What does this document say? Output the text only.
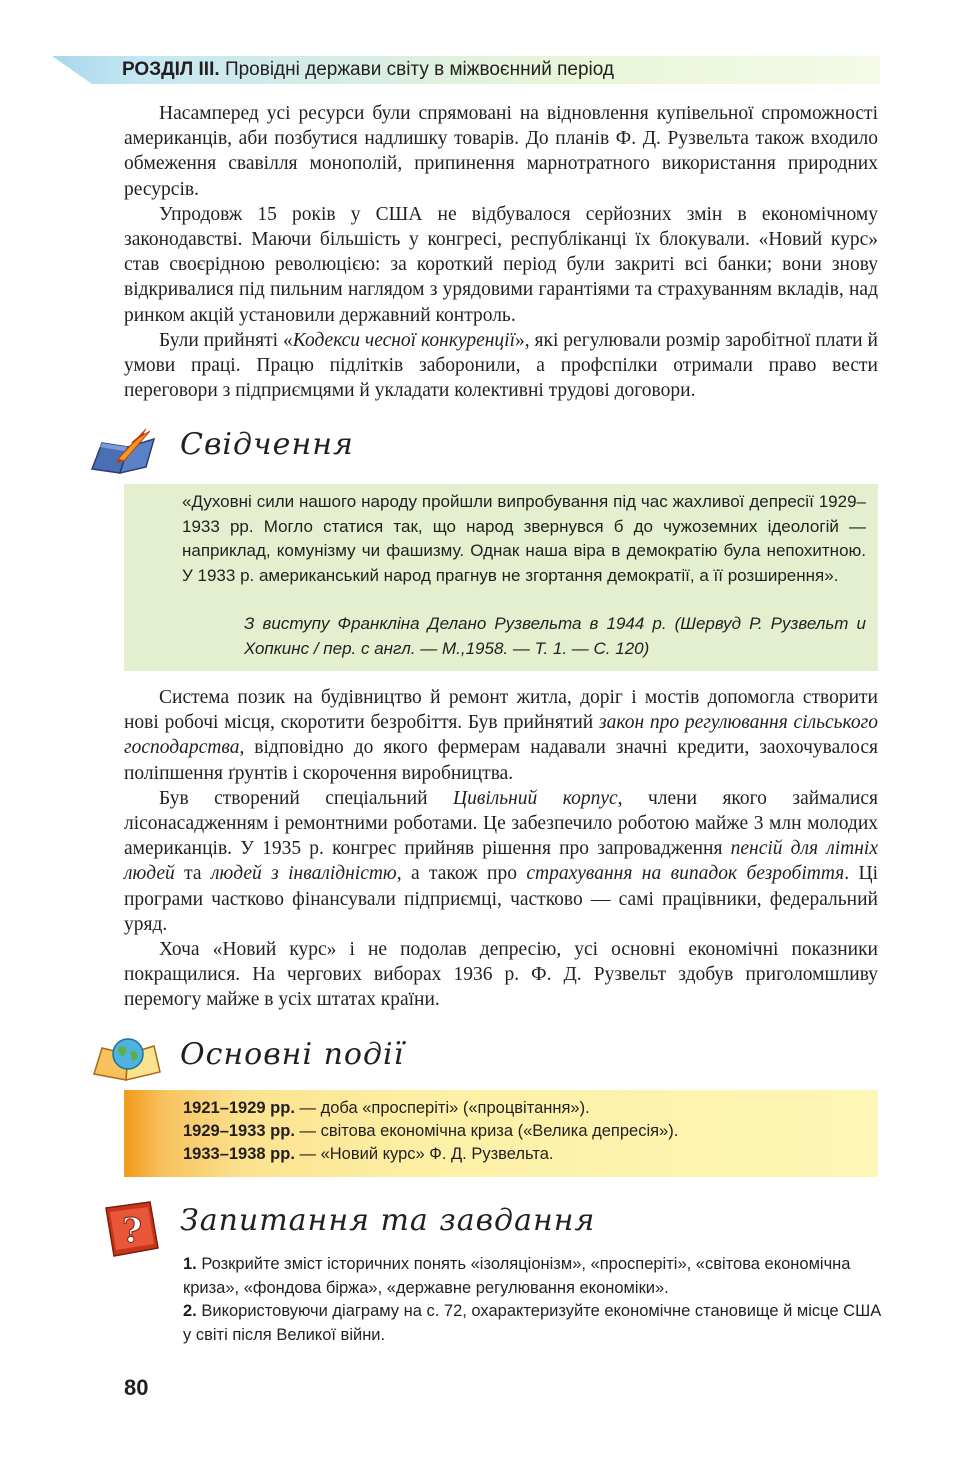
РОЗДІЛ III. Провідні держави світу в міжвоєнний період

Насамперед усі ресурси були спрямовані на відновлення купівельної спроможності американців, аби позбутися надлишку товарів. До планів Ф. Д. Рузвельта також входило обмеження свавілля монополій, припинення марнотратного використання природних ресурсів.

Упродовж 15 років у США не відбувалося серйозних змін в економічному законодавстві. Маючи більшість у конгресі, республіканці їх блокували. «Новий курс» став своєрідною революцією: за короткий період були закриті всі банки; вони знову відкривалися під пильним наглядом з урядовими гарантіями та страхуванням вкладів, над ринком акцій установили державний контроль.

Були прийняті «Кодекси чесної конкуренції», які регулювали розмір заробітної плати й умови праці. Працю підлітків заборонили, а профспілки отримали право вести переговори з підприємцями й укладати колективні трудові договори.

Свідчення
«Духовні сили нашого народу пройшли випробування під час жахливої депресії 1929–1933 рр. Могло статися так, що народ звернувся б до чужоземних ідеологій — наприклад, комунізму чи фашизму. Однак наша віра в демократію була непохитною. У 1933 р. американський народ прагнув не згортання демократії, а її розширення».
З виступу Франкліна Делано Рузвельта в 1944 р. (Шервуд Р. Рузвельт и Хопкинс / пер. с англ. — М.,1958. — Т. 1. — С. 120)

Система позик на будівництво й ремонт житла, доріг і мостів допомогла створити нові робочі місця, скоротити безробіття. Був прийнятий закон про регулювання сільського господарства, відповідно до якого фермерам надавали значні кредити, заохочувалося поліпшення ґрунтів і скорочення виробництва.

Був створений спеціальний Цивільний корпус, члени якого займалися лісонасадженням і ремонтними роботами. Це забезпечило роботою майже 3 млн молодих американців. У 1935 р. конгрес прийняв рішення про запровадження пенсій для літніх людей та людей з інвалідністю, а також про страхування на випадок безробіття. Ці програми частково фінансували підприємці, частково — самі працівники, федеральний уряд.

Хоча «Новий курс» і не подолав депресію, усі основні економічні показники покращилися. На чергових виборах 1936 р. Ф. Д. Рузвельт здобув приголомшливу перемогу майже в усіх штатах країни.

Основні події
1921–1929 рр. — доба «просперіті» («процвітання»).
1929–1933 рр. — світова економічна криза («Велика депресія»).
1933–1938 рр. — «Новий курс» Ф. Д. Рузвельта.
? Запитання та завдання

1. Розкрийте зміст історичних понять «ізоляціонізм», «просперіті», «світова економічна криза», «фондова біржа», «державне регулювання економіки».

2. Використовуючи діаграму на с. 72, охарактеризуйте економічне становище й місце США у світі після Великої війни.

80
